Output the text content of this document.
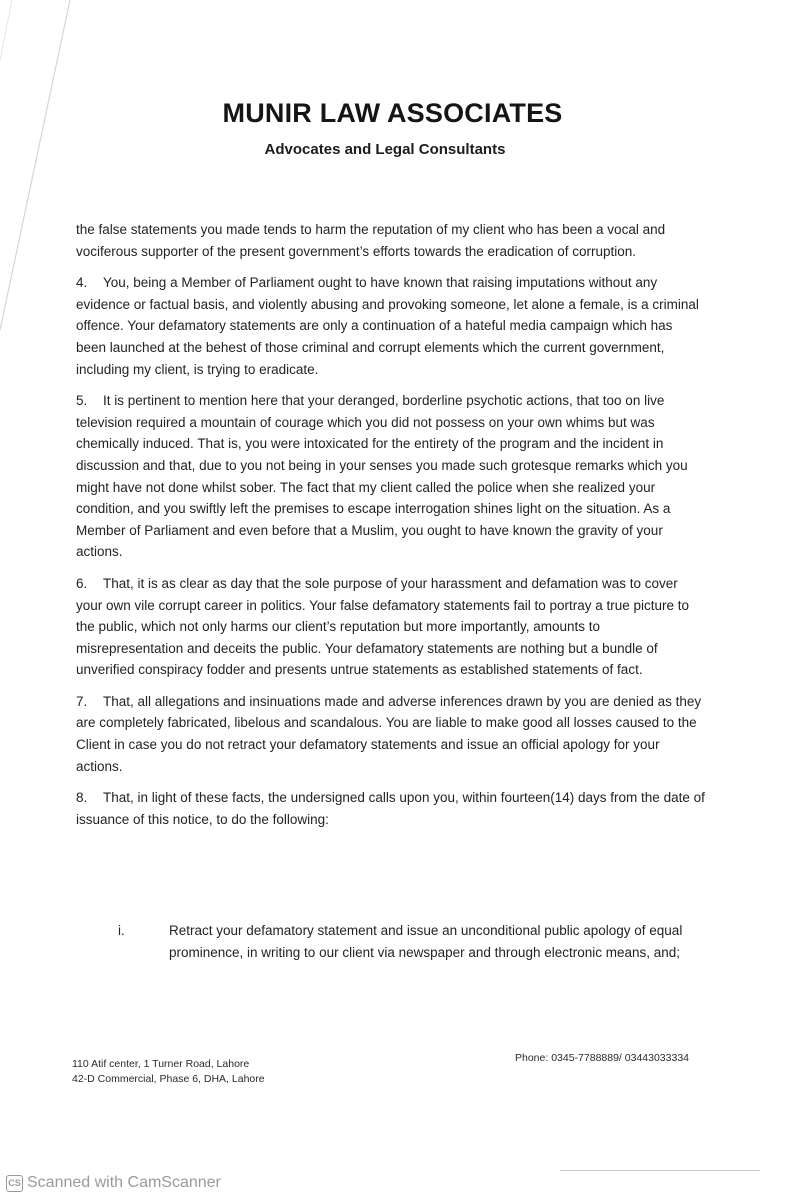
MUNIR LAW ASSOCIATES
Advocates and Legal Consultants

the false statements you made tends to harm the reputation of my client who has been a vocal and vociferous supporter of the present government’s efforts towards the eradication of corruption.

4. You, being a Member of Parliament ought to have known that raising imputations without any evidence or factual basis, and violently abusing and provoking someone, let alone a female, is a criminal offence. Your defamatory statements are only a continuation of a hateful media campaign which has been launched at the behest of those criminal and corrupt elements which the current government, including my client, is trying to eradicate.

5. It is pertinent to mention here that your deranged, borderline psychotic actions, that too on live television required a mountain of courage which you did not possess on your own whims but was chemically induced. That is, you were intoxicated for the entirety of the program and the incident in discussion and that, due to you not being in your senses you made such grotesque remarks which you might have not done whilst sober. The fact that my client called the police when she realized your condition, and you swiftly left the premises to escape interrogation shines light on the situation. As a Member of Parliament and even before that a Muslim, you ought to have known the gravity of your actions.

6. That, it is as clear as day that the sole purpose of your harassment and defamation was to cover your own vile corrupt career in politics. Your false defamatory statements fail to portray a true picture to the public, which not only harms our client’s reputation but more importantly, amounts to misrepresentation and deceits the public. Your defamatory statements are nothing but a bundle of unverified conspiracy fodder and presents untrue statements as established statements of fact.

7. That, all allegations and insinuations made and adverse inferences drawn by you are denied as they are completely fabricated, libelous and scandalous. You are liable to make good all losses caused to the Client in case you do not retract your defamatory statements and issue an official apology for your actions.

8. That, in light of these facts, the undersigned calls upon you, within fourteen(14) days from the date of issuance of this notice, to do the following:

i.	Retract your defamatory statement and issue an unconditional public apology of equal prominence, in writing to our client via newspaper and through electronic means, and;
110 Atif center, 1 Turner Road, Lahore
42-D Commercial, Phase 6, DHA, Lahore
Phone: 0345-7788889/ 03443033334
CS Scanned with CamScanner
